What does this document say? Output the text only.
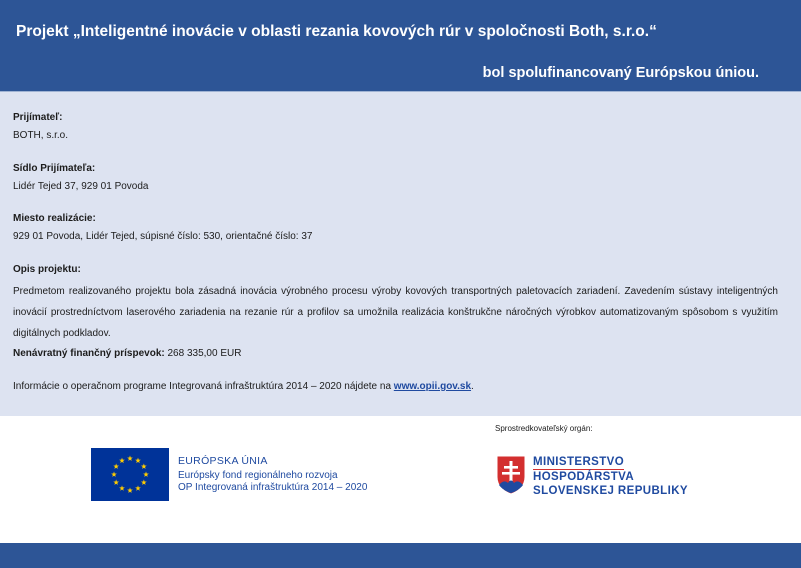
Projekt „Inteligentné inovácie v oblasti rezania kovových rúr v spoločnosti Both, s.r.o.“
bol spolufinancovaný Európskou úniou.
Prijímateľ:
BOTH, s.r.o.
Sídlo Prijímateľa:
Lidér Tejed 37, 929 01 Povoda
Miesto realizácie:
929 01 Povoda, Lidér Tejed, súpisné číslo: 530, orientačné číslo: 37
Opis projektu:
Predmetom realizovaného projektu bola zásadná inovácia výrobného procesu výroby kovových transportných paletovacích zariadení. Zavedením sústavy inteligentných inovácií prostredníctvom laserového zariadenia na rezanie rúr a profilov sa umožnila realizácia konštrukčne náročných výrobkov automatizovaným spôsobom s využitím digitálnych podkladov.
Nenávratný finančný príspevok: 268 335,00 EUR
Informácie o operačnom programe Integrovaná infraštruktúra 2014 – 2020 nájdete na www.opii.gov.sk.
Sprostredkovateľský orgán:
EURÓPSKA ÚNIA
Európsky fond regionálneho rozvoja
OP Integrovaná infraštruktúra 2014 – 2020
MINISTERSTVO
HOSPODÁRSTVA
SLOVENSKEJ REPUBLIKY
